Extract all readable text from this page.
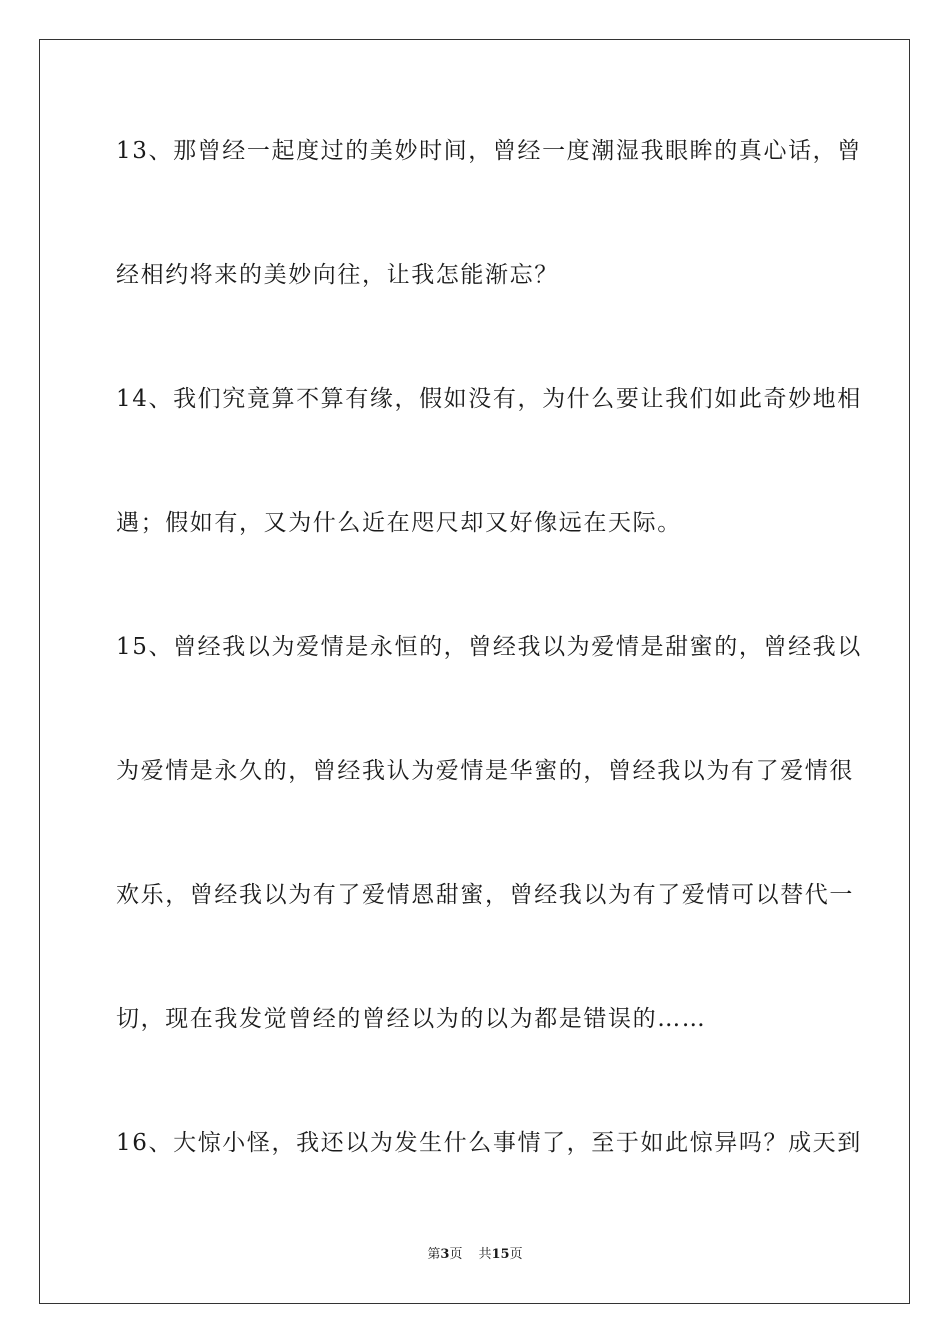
13、那曾经一起度过的美妙时间，曾经一度潮湿我眼眸的真心话，曾
经相约将来的美妙向往，让我怎能渐忘？
14、我们究竟算不算有缘，假如没有，为什么要让我们如此奇妙地相
遇；假如有，又为什么近在咫尺却又好像远在天际。
15、曾经我以为爱情是永恒的，曾经我以为爱情是甜蜜的，曾经我以
为爱情是永久的，曾经我认为爱情是华蜜的，曾经我以为有了爱情很
欢乐，曾经我以为有了爱情恩甜蜜，曾经我以为有了爱情可以替代一
切，现在我发觉曾经的曾经以为的以为都是错误的……
16、大惊小怪，我还以为发生什么事情了，至于如此惊异吗？成天到
第3页 共15页
